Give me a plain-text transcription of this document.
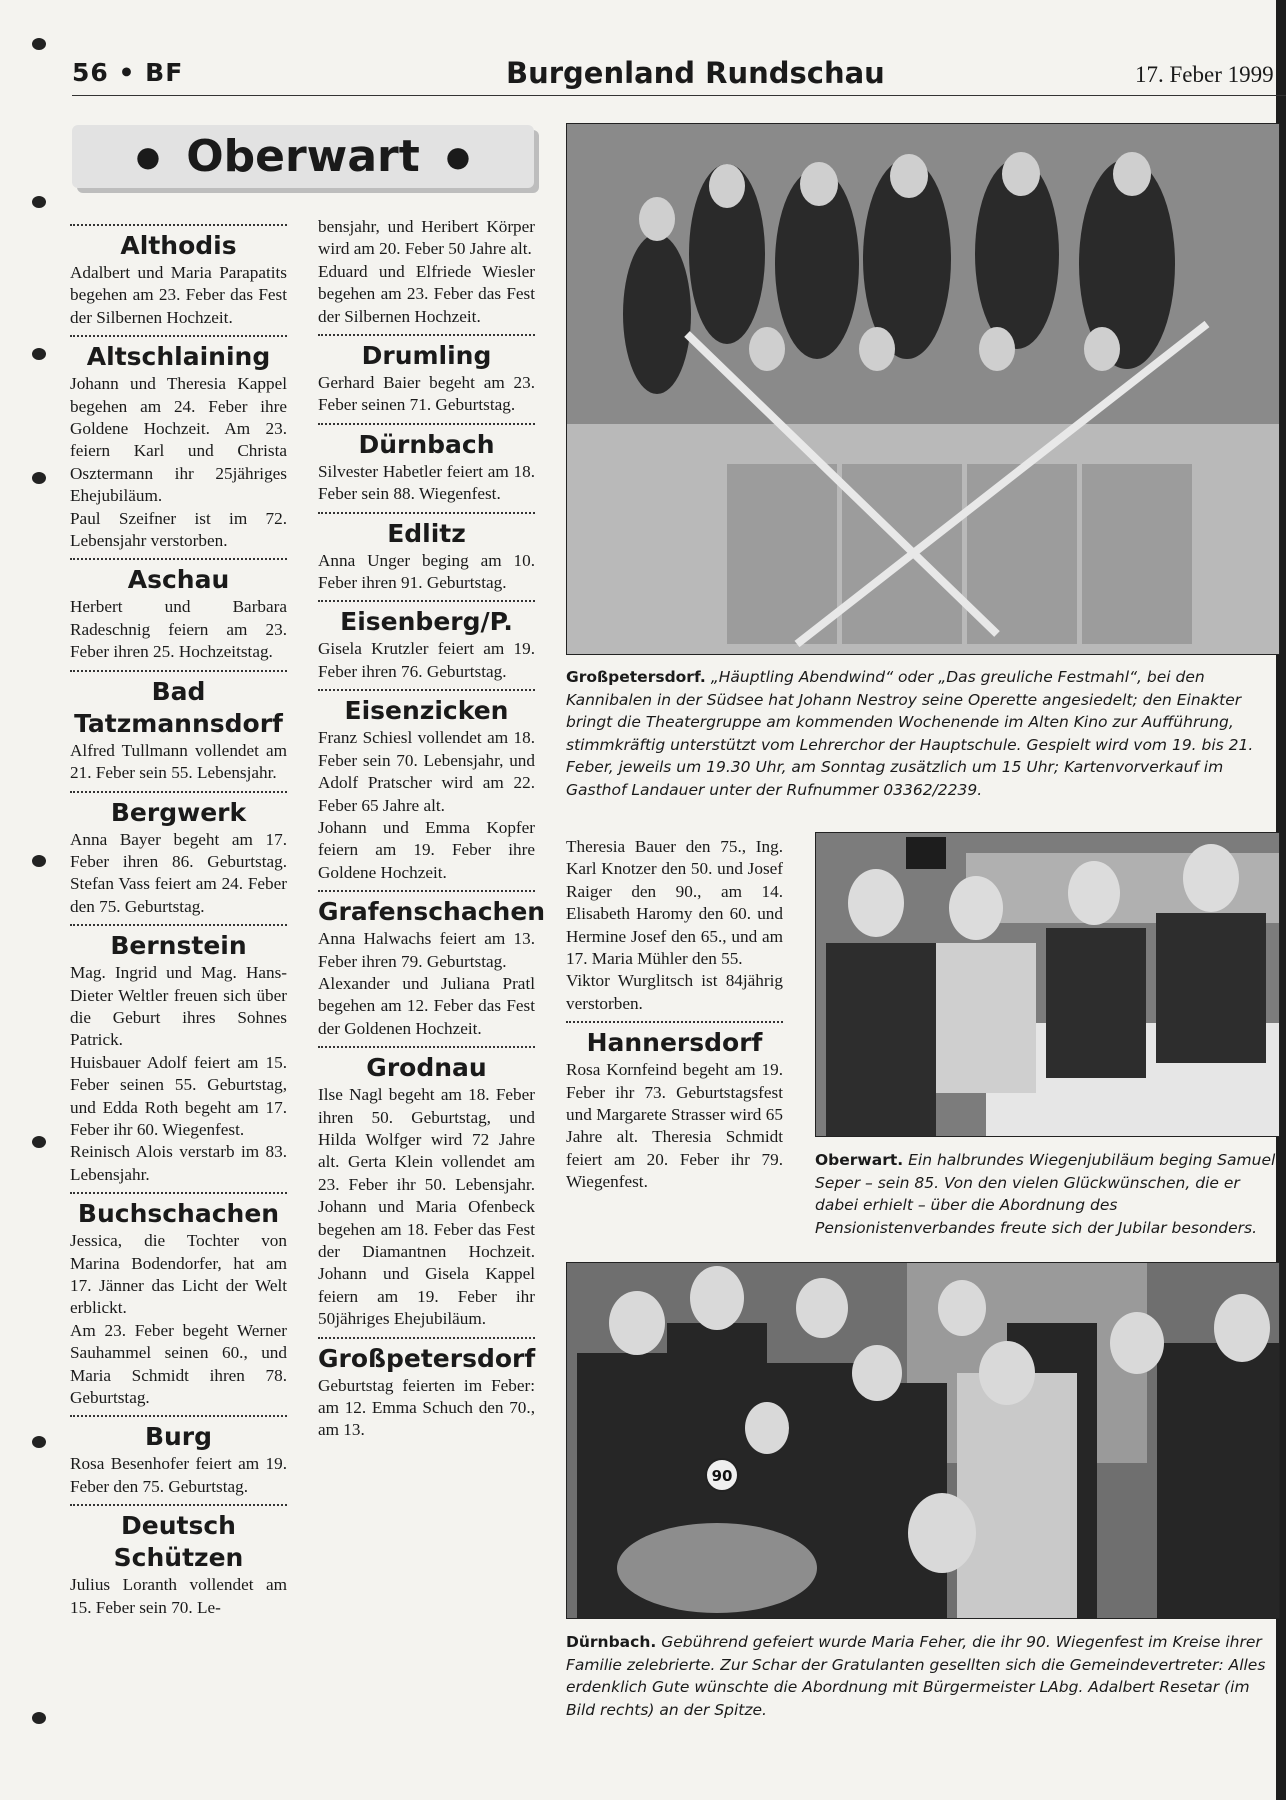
56 • BF	Burgenland Rundschau	17. Feber 1999
● Oberwart ●
Althodis

Adalbert und Maria Parapatits begehen am 23. Feber das Fest der Silbernen Hochzeit.

Altschlaining

Johann und Theresia Kappel begehen am 24. Feber ihre Goldene Hochzeit. Am 23. feiern Karl und Christa Osztermann ihr 25jähriges Ehejubiläum.

Paul Szeifner ist im 72. Lebensjahr verstorben.

Aschau

Herbert und Barbara Radeschnig feiern am 23. Feber ihren 25. Hochzeitstag.

Bad Tatzmannsdorf

Alfred Tullmann vollendet am 21. Feber sein 55. Lebensjahr.

Bergwerk

Anna Bayer begeht am 17. Feber ihren 86. Geburtstag. Stefan Vass feiert am 24. Feber den 75. Geburtstag.

Bernstein

Mag. Ingrid und Mag. Hans-Dieter Weltler freuen sich über die Geburt ihres Sohnes Patrick.

Huisbauer Adolf feiert am 15. Feber seinen 55. Geburtstag, und Edda Roth begeht am 17. Feber ihr 60. Wiegenfest.

Reinisch Alois verstarb im 83. Lebensjahr.

Buchschachen

Jessica, die Tochter von Marina Bodendorfer, hat am 17. Jänner das Licht der Welt erblickt.

Am 23. Feber begeht Werner Sauhammel seinen 60., und Maria Schmidt ihren 78. Geburtstag.

Burg

Rosa Besenhofer feiert am 19. Feber den 75. Geburtstag.

Deutsch Schützen

Julius Loranth vollendet am 15. Feber sein 70. Le-

bensjahr, und Heribert Körper wird am 20. Feber 50 Jahre alt.

Eduard und Elfriede Wiesler begehen am 23. Feber das Fest der Silbernen Hochzeit.

Drumling

Gerhard Baier begeht am 23. Feber seinen 71. Geburtstag.

Dürnbach

Silvester Habetler feiert am 18. Feber sein 88. Wiegenfest.

Edlitz

Anna Unger beging am 10. Feber ihren 91. Geburtstag.

Eisenberg/P.

Gisela Krutzler feiert am 19. Feber ihren 76. Geburtstag.

Eisenzicken

Franz Schiesl vollendet am 18. Feber sein 70. Lebensjahr, und Adolf Pratscher wird am 22. Feber 65 Jahre alt.

Johann und Emma Kopfer feiern am 19. Feber ihre Goldene Hochzeit.

Grafenschachen

Anna Halwachs feiert am 13. Feber ihren 79. Geburtstag.

Alexander und Juliana Pratl begehen am 12. Feber das Fest der Goldenen Hochzeit.

Grodnau

Ilse Nagl begeht am 18. Feber ihren 50. Geburtstag, und Hilda Wolfger wird 72 Jahre alt. Gerta Klein vollendet am 23. Feber ihr 50. Lebensjahr. Johann und Maria Ofenbeck begehen am 18. Feber das Fest der Diamantnen Hochzeit. Johann und Gisela Kappel feiern am 19. Feber ihr 50jähriges Ehejubiläum.

Großpetersdorf

Geburtstag feierten im Feber: am 12. Emma Schuch den 70., am 13.

Theresia Bauer den 75., Ing. Karl Knotzer den 50. und Josef Raiger den 90., am 14. Elisabeth Haromy den 60. und Hermine Josef den 65., und am 17. Maria Mühler den 55.

Viktor Wurglitsch ist 84jährig verstorben.

Hannersdorf

Rosa Kornfeind begeht am 19. Feber ihr 73. Geburtstagsfest und Margarete Strasser wird 65 Jahre alt. Theresia Schmidt feiert am 20. Feber ihr 79. Wiegenfest.

Großpetersdorf. „Häuptling Abendwind“ oder „Das greuliche Festmahl“, bei den Kannibalen in der Südsee hat Johann Nestroy seine Operette angesiedelt; den Einakter bringt die Theatergruppe am kommenden Wochenende im Alten Kino zur Aufführung, stimmkräftig unterstützt vom Lehrerchor der Hauptschule. Gespielt wird vom 19. bis 21. Feber, jeweils um 19.30 Uhr, am Sonntag zusätzlich um 15 Uhr; Kartenvorverkauf im Gasthof Landauer unter der Rufnummer 03362/2239.
Oberwart. Ein halbrundes Wiegenjubiläum beging Samuel Seper – sein 85. Von den vielen Glückwünschen, die er dabei erhielt – über die Abordnung des Pensionistenverbandes freute sich der Jubilar besonders.
90
Dürnbach. Gebührend gefeiert wurde Maria Feher, die ihr 90. Wiegenfest im Kreise ihrer Familie zelebrierte. Zur Schar der Gratulanten gesellten sich die Gemeindevertreter: Alles erdenklich Gute wünschte die Abordnung mit Bürgermeister LAbg. Adalbert Resetar (im Bild rechts) an der Spitze.
